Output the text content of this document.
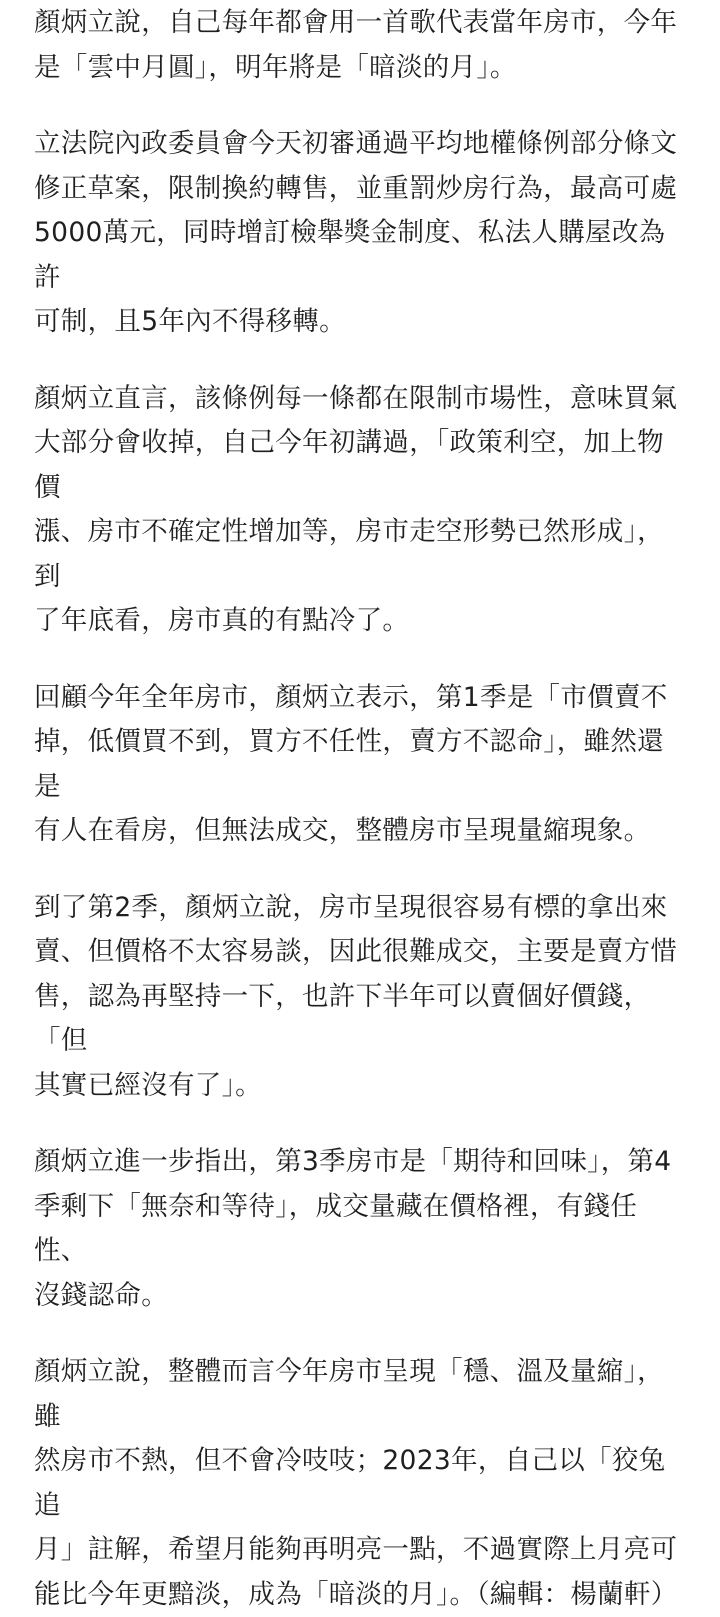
顏炳立說，自己每年都會用一首歌代表當年房市，今年
是「雲中月圓」，明年將是「暗淡的月」。

立法院內政委員會今天初審通過平均地權條例部分條文
修正草案，限制換約轉售，並重罰炒房行為，最高可處
5000萬元，同時增訂檢舉獎金制度、私法人購屋改為許
可制，且5年內不得移轉。

顏炳立直言，該條例每一條都在限制市場性，意味買氣
大部分會收掉，自己今年初講過，「政策利空，加上物價
漲、房市不確定性增加等，房市走空形勢已然形成」，到
了年底看，房市真的有點冷了。

回顧今年全年房市，顏炳立表示，第1季是「市價賣不
掉，低價買不到，買方不任性，賣方不認命」，雖然還是
有人在看房，但無法成交，整體房市呈現量縮現象。

到了第2季，顏炳立說，房市呈現很容易有標的拿出來
賣、但價格不太容易談，因此很難成交，主要是賣方惜
售，認為再堅持一下，也許下半年可以賣個好價錢，「但
其實已經沒有了」。

顏炳立進一步指出，第3季房市是「期待和回味」，第4
季剩下「無奈和等待」，成交量藏在價格裡，有錢任性、
沒錢認命。

顏炳立說，整體而言今年房市呈現「穩、溫及量縮」，雖
然房市不熱，但不會冷吱吱；2023年，自己以「狡兔追
月」註解，希望月能夠再明亮一點，不過實際上月亮可
能比今年更黯淡，成為「暗淡的月」。（編輯：楊蘭軒）
